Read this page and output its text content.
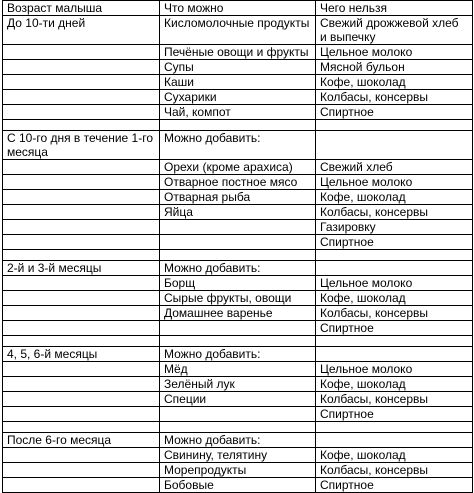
Возраст малыша	Что можно	Чего нельзя
До 10-ти дней	Кисломолочные продукты	Свежий дрожжевой хлеб и выпечку
	Печёные овощи и фрукты	Цельное молоко
	Супы	Мясной бульон
	Каши	Кофе, шоколад
	Сухарики	Колбасы, консервы
	Чай, компот	Спиртное

С 10-го дня в течение 1-го месяца	Можно добавить:	
	Орехи (кроме арахиса)	Свежий хлеб
	Отварное постное мясо	Цельное молоко
	Отварная рыба	Кофе, шоколад
	Яйца	Колбасы, консервы
		Газировку
		Спиртное

2-й и 3-й месяцы	Можно добавить:	
	Борщ	Цельное молоко
	Сырые фрукты, овощи	Кофе, шоколад
	Домашнее варенье	Колбасы, консервы
		Спиртное

4, 5, 6-й месяцы	Можно добавить:	
	Мёд	Цельное молоко
	Зелёный лук	Кофе, шоколад
	Специи	Колбасы, консервы
		Спиртное

После 6-го месяца	Можно добавить:	
	Свинину, телятину	Кофе, шоколад
	Морепродукты	Колбасы, консервы
	Бобовые	Спиртное
